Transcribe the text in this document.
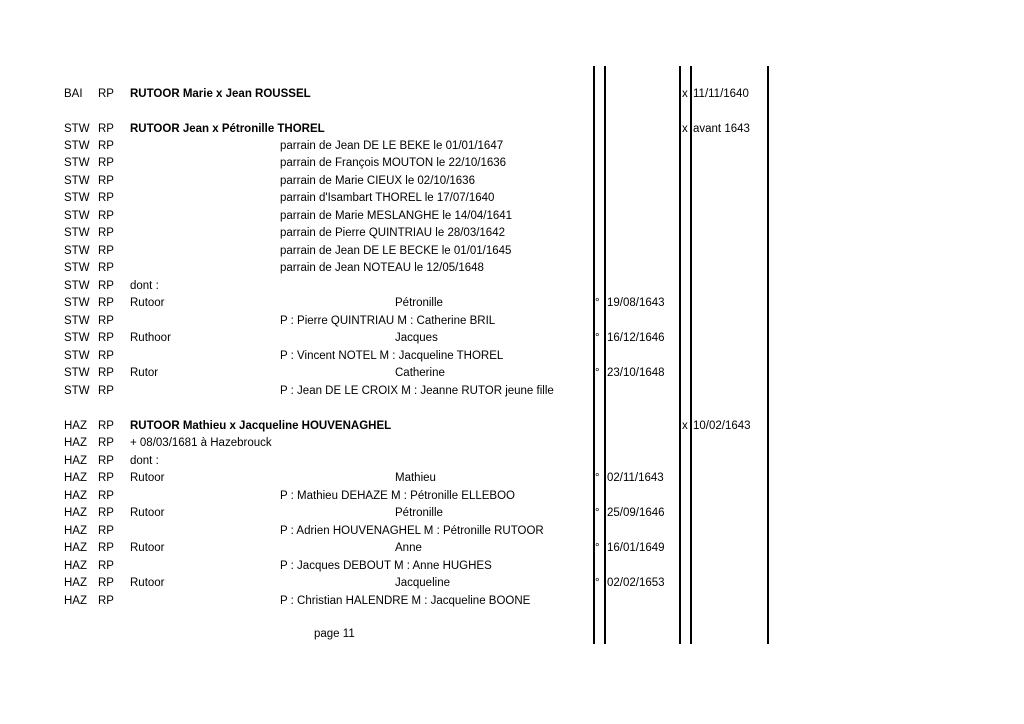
BAI RP RUTOOR Marie x Jean ROUSSEL	x 11/11/1640
STW RP RUTOOR Jean x Pétronille THOREL	x avant 1643
STW RP	parrain de Jean DE LE BEKE le 01/01/1647
STW RP	parrain de François MOUTON le 22/10/1636
STW RP	parrain de Marie CIEUX le 02/10/1636
STW RP	parrain d'Isambart THOREL le 17/07/1640
STW RP	parrain de Marie MESLANGHE le 14/04/1641
STW RP	parrain de Pierre QUINTRIAU le 28/03/1642
STW RP	parrain de Jean DE LE BECKE le 01/01/1645
STW RP	parrain de Jean NOTEAU le 12/05/1648
STW RP dont :
STW RP Rutoor	Pétronille	° 19/08/1643
STW RP	P : Pierre QUINTRIAU M : Catherine BRIL
STW RP Ruthoor	Jacques	° 16/12/1646
STW RP	P : Vincent NOTEL M : Jacqueline THOREL
STW RP Rutor	Catherine	° 23/10/1648
STW RP	P : Jean DE LE CROIX M : Jeanne RUTOR jeune fille
HAZ RP RUTOOR Mathieu x Jacqueline HOUVENAGHEL	x 10/02/1643
HAZ RP + 08/03/1681 à Hazebrouck
HAZ RP dont :
HAZ RP Rutoor	Mathieu	° 02/11/1643
HAZ RP	P : Mathieu DEHAZE M : Pétronille ELLEBOO
HAZ RP Rutoor	Pétronille	° 25/09/1646
HAZ RP	P : Adrien HOUVENAGHEL M : Pétronille RUTOOR
HAZ RP Rutoor	Anne	° 16/01/1649
HAZ RP	P : Jacques DEBOUT M : Anne HUGHES
HAZ RP Rutoor	Jacqueline	° 02/02/1653
HAZ RP	P : Christian HALENDRE M : Jacqueline BOONE
page 11
